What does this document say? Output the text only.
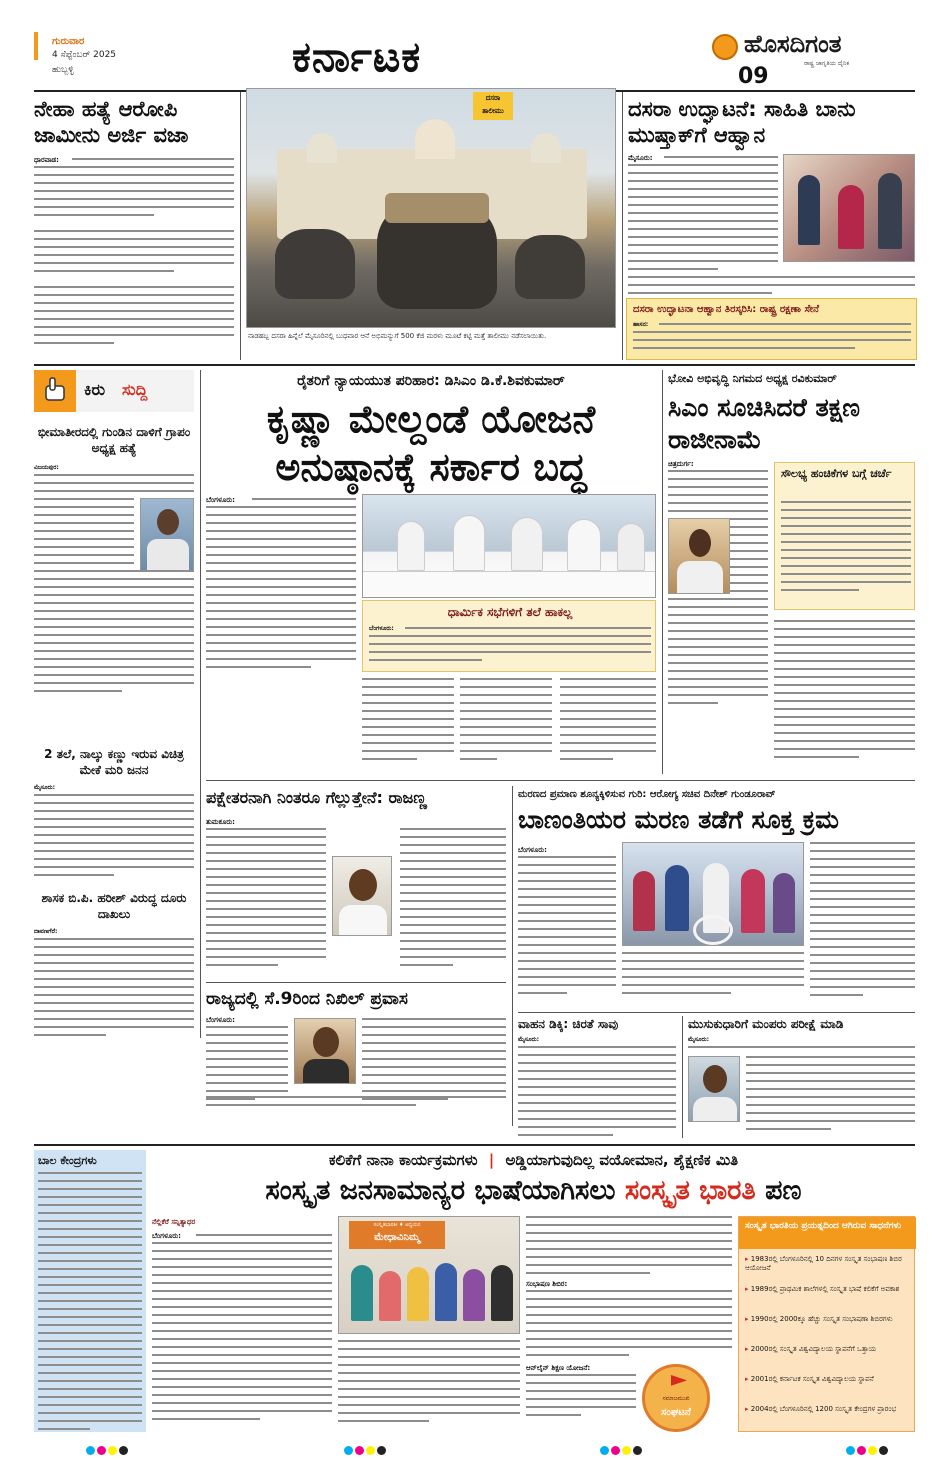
ಗುರುವಾರ
4 ಸೆಪ್ಟೆಂಬರ್ 2025
ಹುಬ್ಬಳ್ಳಿ	ಕರ್ನಾಟಕ	ಹೊಸದಿಗಂತ
ರಾಷ್ಟ್ರ ಜಾಗೃತಿಯ ದೈನಿಕ
09
ನೇಹಾ ಹತ್ಯೆ ಆರೋಪಿ ಜಾಮೀನು ಅರ್ಜಿ ವಜಾ
ಧಾರವಾಡ:
ದಸರಾ
ತಾಲೀಮು
ನಾಡಹಬ್ಬ ದಸರಾ ಹಿನ್ನೆಲೆ ಮೈಸೂರಿನಲ್ಲಿ ಬುಧವಾರ ಆನೆ ಅಭಿಮನ್ಯುಗೆ 500 ಕೆಜಿ ಮರಳು ಮೂಟೆ ಕಟ್ಟಿ ಮತ್ತೆ ತಾಲೀಮು ನಡೆಸಲಾಯಿತು.
ದಸರಾ ಉದ್ಘಾಟನೆ: ಸಾಹಿತಿ ಬಾನು ಮುಷ್ತಾಕ್‌ಗೆ ಆಹ್ವಾನ
ಮೈಸೂರು:
ದಸರಾ ಉದ್ಘಾಟನಾ ಆಹ್ವಾನ ತಿರಸ್ಕರಿಸಿ: ರಾಷ್ಟ್ರ ರಕ್ಷಣಾ ಸೇನೆ
ಹಾಸನ:
ಕಿರು ಸುದ್ದಿ
ಭೀಮಾತೀರದಲ್ಲಿ ಗುಂಡಿನ ದಾಳಿಗೆ ಗ್ರಾಪಂ ಅಧ್ಯಕ್ಷ ಹತ್ಯೆ
ವಿಜಯಪುರ:
2 ತಲೆ, ನಾಲ್ಕು ಕಣ್ಣು ಇರುವ ವಿಚಿತ್ರ ಮೇಕೆ ಮರಿ ಜನನ
ಮೈಸೂರು:
ಶಾಸಕ ಬಿ.ಪಿ. ಹರೀಶ್ ವಿರುದ್ಧ ದೂರು ದಾಖಲು
ದಾವಣಗೆರೆ:
ರೈತರಿಗೆ ನ್ಯಾಯಯುತ ಪರಿಹಾರ: ಡಿಸಿಎಂ ಡಿ.ಕೆ.ಶಿವಕುಮಾರ್
ಕೃಷ್ಣಾ ಮೇಲ್ದಂಡೆ ಯೋಜನೆ
ಅನುಷ್ಠಾನಕ್ಕೆ ಸರ್ಕಾರ ಬದ್ಧ
ಬೆಂಗಳೂರು:
ಧಾರ್ಮಿಕ ಸಭೆಗಳಿಗೆ ತಲೆ ಹಾಕಲ್ಲ
ಬೆಂಗಳೂರು:
ಭೋವಿ ಅಭಿವೃದ್ಧಿ ನಿಗಮದ ಅಧ್ಯಕ್ಷ ರವಿಕುಮಾರ್
ಸಿಎಂ ಸೂಚಿಸಿದರೆ ತಕ್ಷಣ ರಾಜೀನಾಮೆ
ಚಿತ್ರದುರ್ಗ:
ಸೌಲಭ್ಯ ಹಂಚಿಕೆಗಳ ಬಗ್ಗೆ ಚರ್ಚೆ
ಪಕ್ಷೇತರನಾಗಿ ನಿಂತರೂ ಗೆಲ್ಲುತ್ತೇನೆ: ರಾಜಣ್ಣ
ತುಮಕೂರು:
ಮರಣದ ಪ್ರಮಾಣ ಶೂನ್ಯಕ್ಕಿಳಿಸುವ ಗುರಿ: ಆರೋಗ್ಯ ಸಚಿವ ದಿನೇಶ್ ಗುಂಡೂರಾವ್
ಬಾಣಂತಿಯರ ಮರಣ ತಡೆಗೆ ಸೂಕ್ತ ಕ್ರಮ
ಬೆಂಗಳೂರು:
ರಾಜ್ಯದಲ್ಲಿ ಸೆ.9ರಿಂದ ನಿಖಿಲ್ ಪ್ರವಾಸ
ಬೆಂಗಳೂರು:	ವಾಹನ ಡಿಕ್ಕಿ: ಚಿರತೆ ಸಾವು
ಮೈಸೂರು:
ಮುಸುಕುಧಾರಿಗೆ ಮಂಪರು ಪರೀಕ್ಷೆ ಮಾಡಿ
ಮೈಸೂರು:
ಬಾಲ ಕೇಂದ್ರಗಳು	ಕಲಿಕೆಗೆ ನಾನಾ ಕಾರ್ಯಕ್ರಮಗಳು | ಅಡ್ಡಿಯಾಗುವುದಿಲ್ಲ ವಯೋಮಾನ, ಶೈಕ್ಷಣಿಕ ಮಿತಿ
ಸಂಸ್ಕೃತ ಜನಸಾಮಾನ್ಯರ ಭಾಷೆಯಾಗಿಸಲು ಸಂಸ್ಕೃತ ಭಾರತಿ ಪಣ
ನೆಲ್ಲಿಕೆರೆ ಸನ್ನಿತ್ಯಾಧರ
ಬೆಂಗಳೂರು:
ಸಂಸ್ಕೃತಭಾರತೀ ♦ ಅಧ್ಯಯನ
ಮೇಧಾವಿನಿಮ್ಮ
ಸಂಭಾಷಣ ಶಿಬಿರ:
ಆನ್‌ಲೈನ್ ಶಿಕ್ಷಣ ಯೋಜನೆ:
ಸಮಾಜಮುಖಿ
ಸಂಘಟನೆ
ಸಂಸ್ಕೃತ ಭಾರತಿಯ ಪ್ರಯತ್ನದಿಂದ ಆಗಿರುವ ಸಾಧನೆಗಳು
▸ 1983ರಲ್ಲಿ ಬೆಂಗಳೂರಿನಲ್ಲಿ 10 ದಿನಗಳ ಸಂಸ್ಕೃತ ಸಂಭಾಷಣ ಶಿಬಿರ ಆಯೋಜನೆ
▸ 1989ರಲ್ಲಿ ಪ್ರಾಥಮಿಕ ಶಾಲೆಗಳಲ್ಲಿ ಸಂಸ್ಕೃತ ಭಾಷೆ ಕಲಿಕೆಗೆ ಅವಕಾಶ
▸ 1990ರಲ್ಲಿ 2000ಕ್ಕೂ ಹೆಚ್ಚು ಸಂಸ್ಕೃತ ಸಂಭಾಷಣಾ ಶಿಬಿರಗಳು
▸ 2000ರಲ್ಲಿ ಸಂಸ್ಕೃತ ವಿಶ್ವವಿದ್ಯಾಲಯ ಸ್ಥಾಪನೆಗೆ ಒತ್ತಾಯ
▸ 2001ರಲ್ಲಿ ಕರ್ನಾಟಕ ಸಂಸ್ಕೃತ ವಿಶ್ವವಿದ್ಯಾಲಯ ಸ್ಥಾಪನೆ
▸ 2004ರಲ್ಲಿ ಬೆಂಗಳೂರಿನಲ್ಲಿ 1200 ಸಂಸ್ಕೃತ ಕೇಂದ್ರಗಳ ಪ್ರಾರಂಭ
